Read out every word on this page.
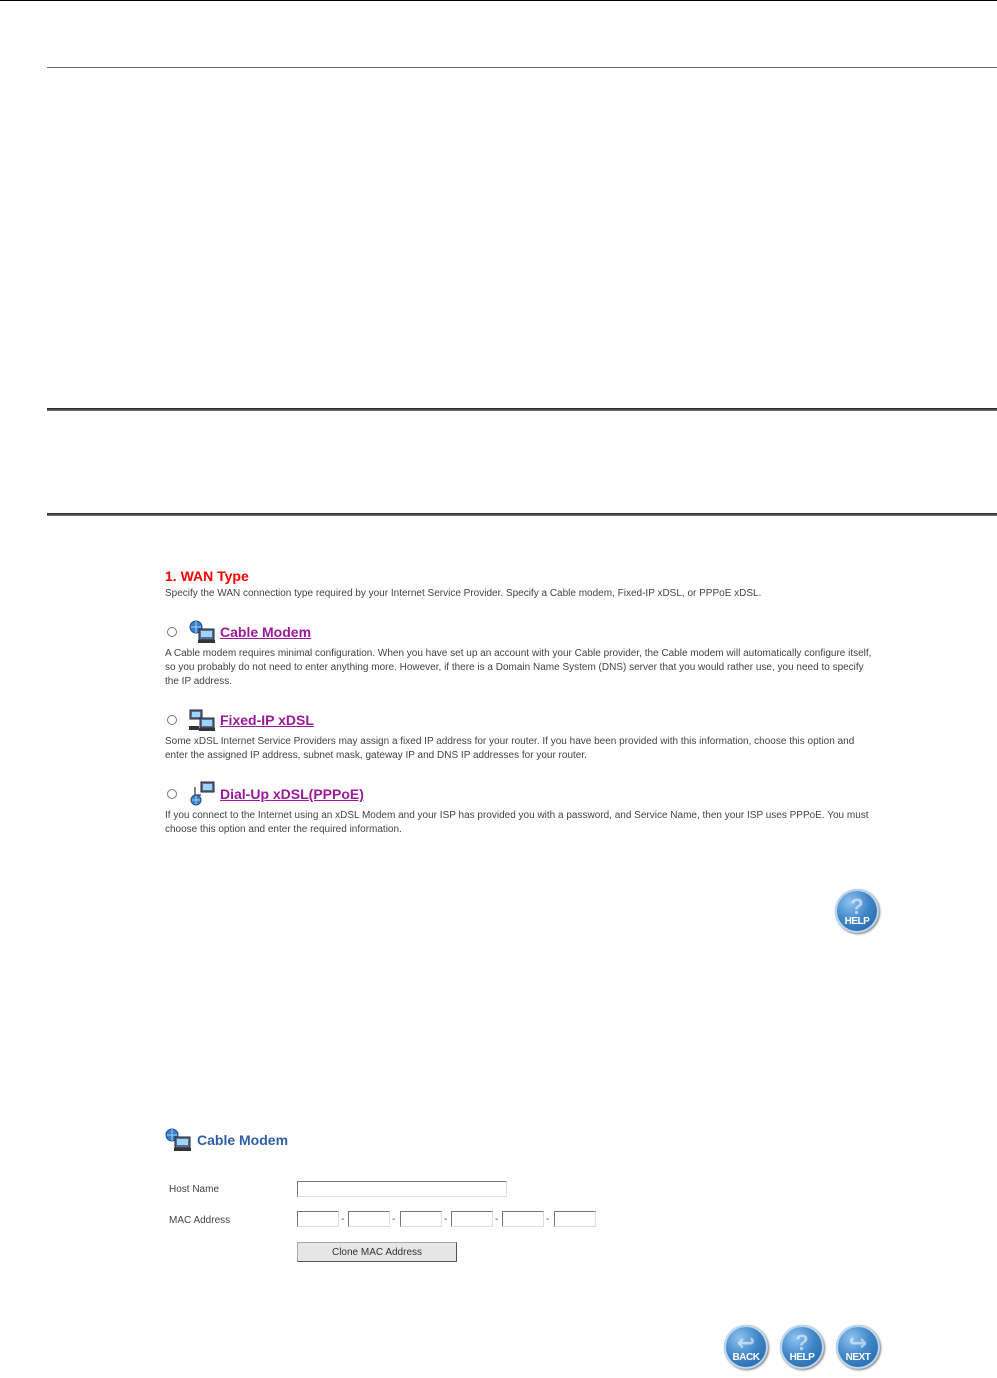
1. WAN Type

Specify the WAN connection type required by your Internet Service Provider. Specify a Cable modem, Fixed-IP xDSL, or PPPoE xDSL.

Cable Modem

A Cable modem requires minimal configuration. When you have set up an account with your Cable provider, the Cable modem will automatically configure itself, so you probably do not need to enter anything more. However, if there is a Domain Name System (DNS) server that you would rather use, you need to specify the IP address.

Fixed-IP xDSL

Some xDSL Internet Service Providers may assign a fixed IP address for your router. If you have been provided with this information, choose this option and enter the assigned IP address, subnet mask, gateway IP and DNS IP addresses for your router.

Dial-Up xDSL(PPPoE)

If you connect to the Internet using an xDSL Modem and your ISP has provided you with a password, and Service Name, then your ISP uses PPPoE. You must choose this option and enter the required information.

?
HELP
Cable Modem
Host Name
MAC Address	-	-	-	-	-
Clone MAC Address
↩
BACK
?
HELP
↪
NEXT
